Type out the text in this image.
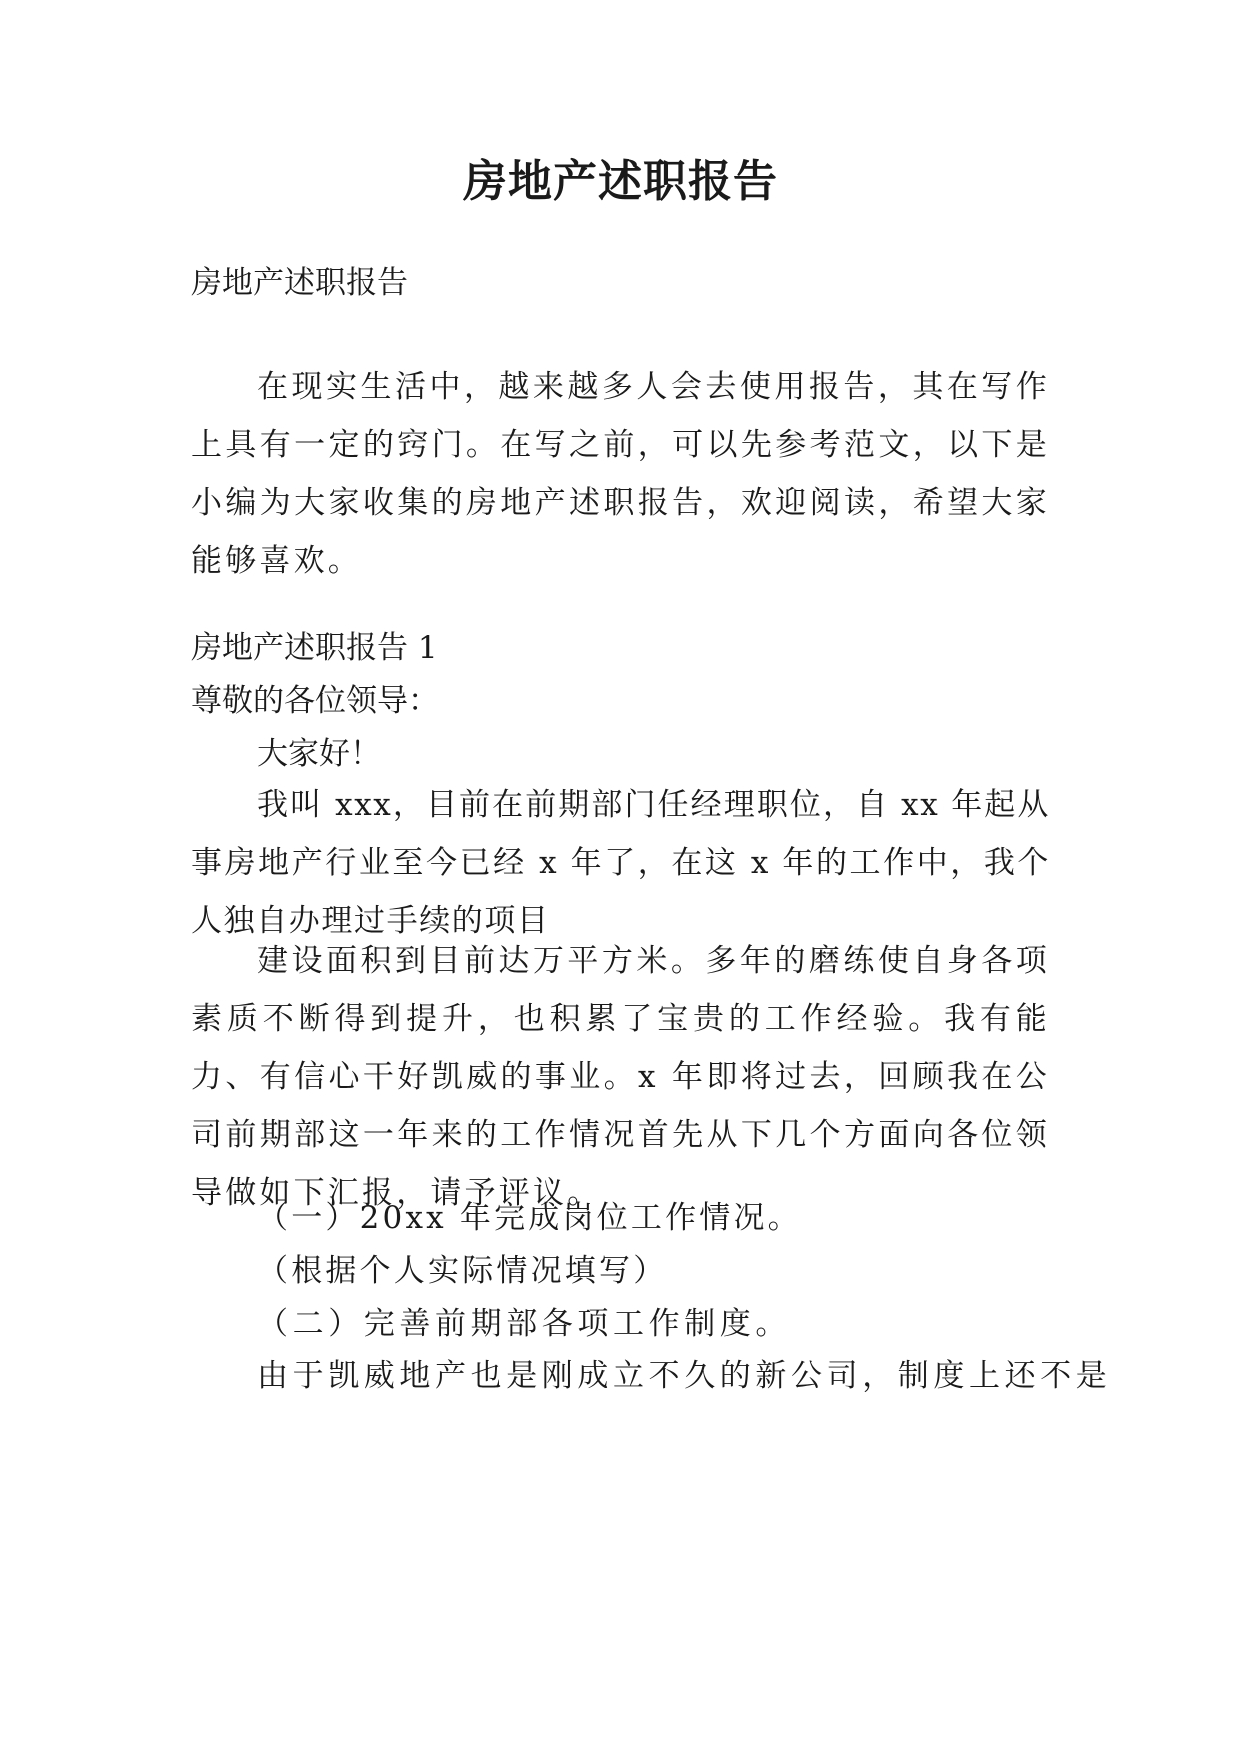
房地产述职报告

房地产述职报告

在现实生活中，越来越多人会去使用报告，其在写作上具有一定的窍门。在写之前，可以先参考范文，以下是小编为大家收集的房地产述职报告，欢迎阅读，希望大家能够喜欢。

房地产述职报告 1

尊敬的各位领导：

大家好！

我叫 xxx，目前在前期部门任经理职位，自 xx 年起从事房地产行业至今已经 x 年了，在这 x 年的工作中，我个人独自办理过手续的项目

建设面积到目前达万平方米。多年的磨练使自身各项素质不断得到提升，也积累了宝贵的工作经验。我有能力、有信心干好凯威的事业。x 年即将过去，回顾我在公司前期部这一年来的工作情况首先从下几个方面向各位领导做如下汇报，请予评议。

（一）20xx 年完成岗位工作情况。

（根据个人实际情况填写）

（二）完善前期部各项工作制度。

由于凯威地产也是刚成立不久的新公司，制度上还不是
